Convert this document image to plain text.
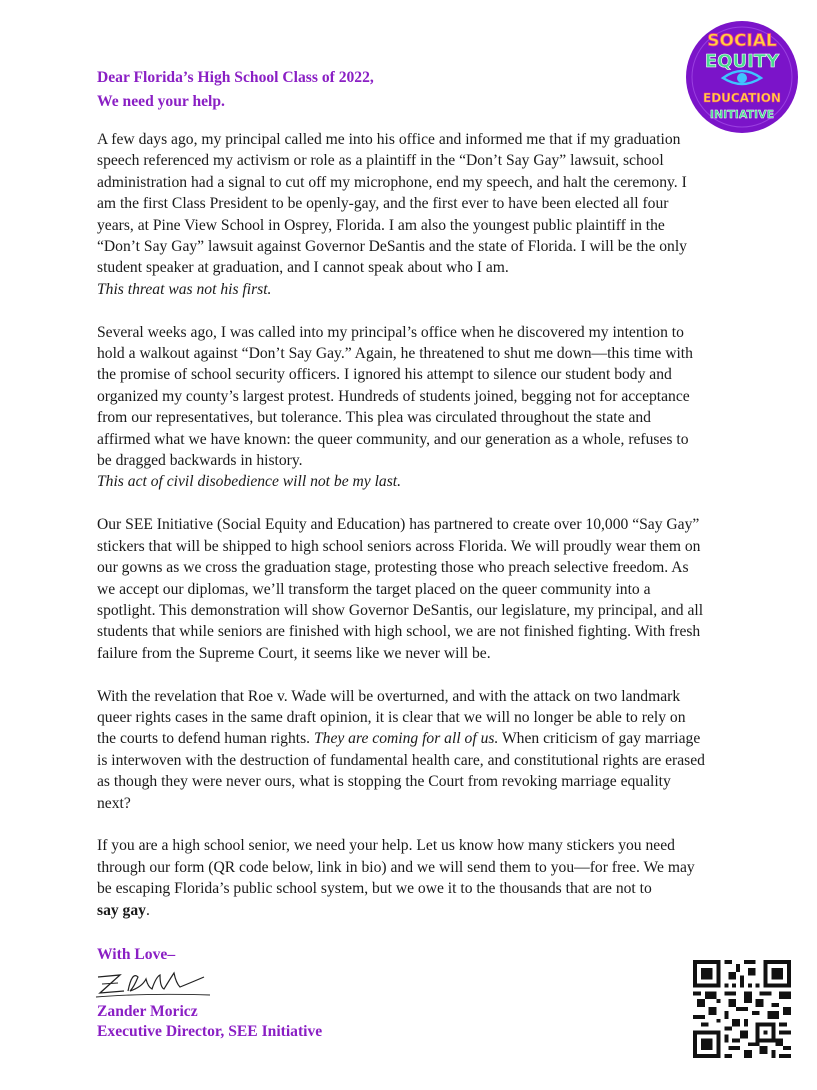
SOCIAL
EQUITY
EDUCATION
INITIATIVE
Dear Florida’s High School Class of 2022,
We need your help.

A few days ago, my principal called me into his office and informed me that if my graduation
speech referenced my activism or role as a plaintiff in the “Don’t Say Gay” lawsuit, school
administration had a signal to cut off my microphone, end my speech, and halt the ceremony. I
am the first Class President to be openly-gay, and the first ever to have been elected all four
years, at Pine View School in Osprey, Florida. I am also the youngest public plaintiff in the
“Don’t Say Gay” lawsuit against Governor DeSantis and the state of Florida. I will be the only
student speaker at graduation, and I cannot speak about who I am.
This threat was not his first.

Several weeks ago, I was called into my principal’s office when he discovered my intention to
hold a walkout against “Don’t Say Gay.” Again, he threatened to shut me down—this time with
the promise of school security officers. I ignored his attempt to silence our student body and
organized my county’s largest protest. Hundreds of students joined, begging not for acceptance
from our representatives, but tolerance. This plea was circulated throughout the state and
affirmed what we have known: the queer community, and our generation as a whole, refuses to
be dragged backwards in history.
This act of civil disobedience will not be my last.

Our SEE Initiative (Social Equity and Education) has partnered to create over 10,000 “Say Gay”
stickers that will be shipped to high school seniors across Florida. We will proudly wear them on
our gowns as we cross the graduation stage, protesting those who preach selective freedom. As
we accept our diplomas, we’ll transform the target placed on the queer community into a
spotlight. This demonstration will show Governor DeSantis, our legislature, my principal, and all
students that while seniors are finished with high school, we are not finished fighting. With fresh
failure from the Supreme Court, it seems like we never will be.

With the revelation that Roe v. Wade will be overturned, and with the attack on two landmark
queer rights cases in the same draft opinion, it is clear that we will no longer be able to rely on
the courts to defend human rights. They are coming for all of us. When criticism of gay marriage
is interwoven with the destruction of fundamental health care, and constitutional rights are erased
as though they were never ours, what is stopping the Court from revoking marriage equality
next?

If you are a high school senior, we need your help. Let us know how many stickers you need
through our form (QR code below, link in bio) and we will send them to you—for free. We may
be escaping Florida’s public school system, but we owe it to the thousands that are not to
say gay.

With Love–
Zander Moricz
Executive Director, SEE Initiative
